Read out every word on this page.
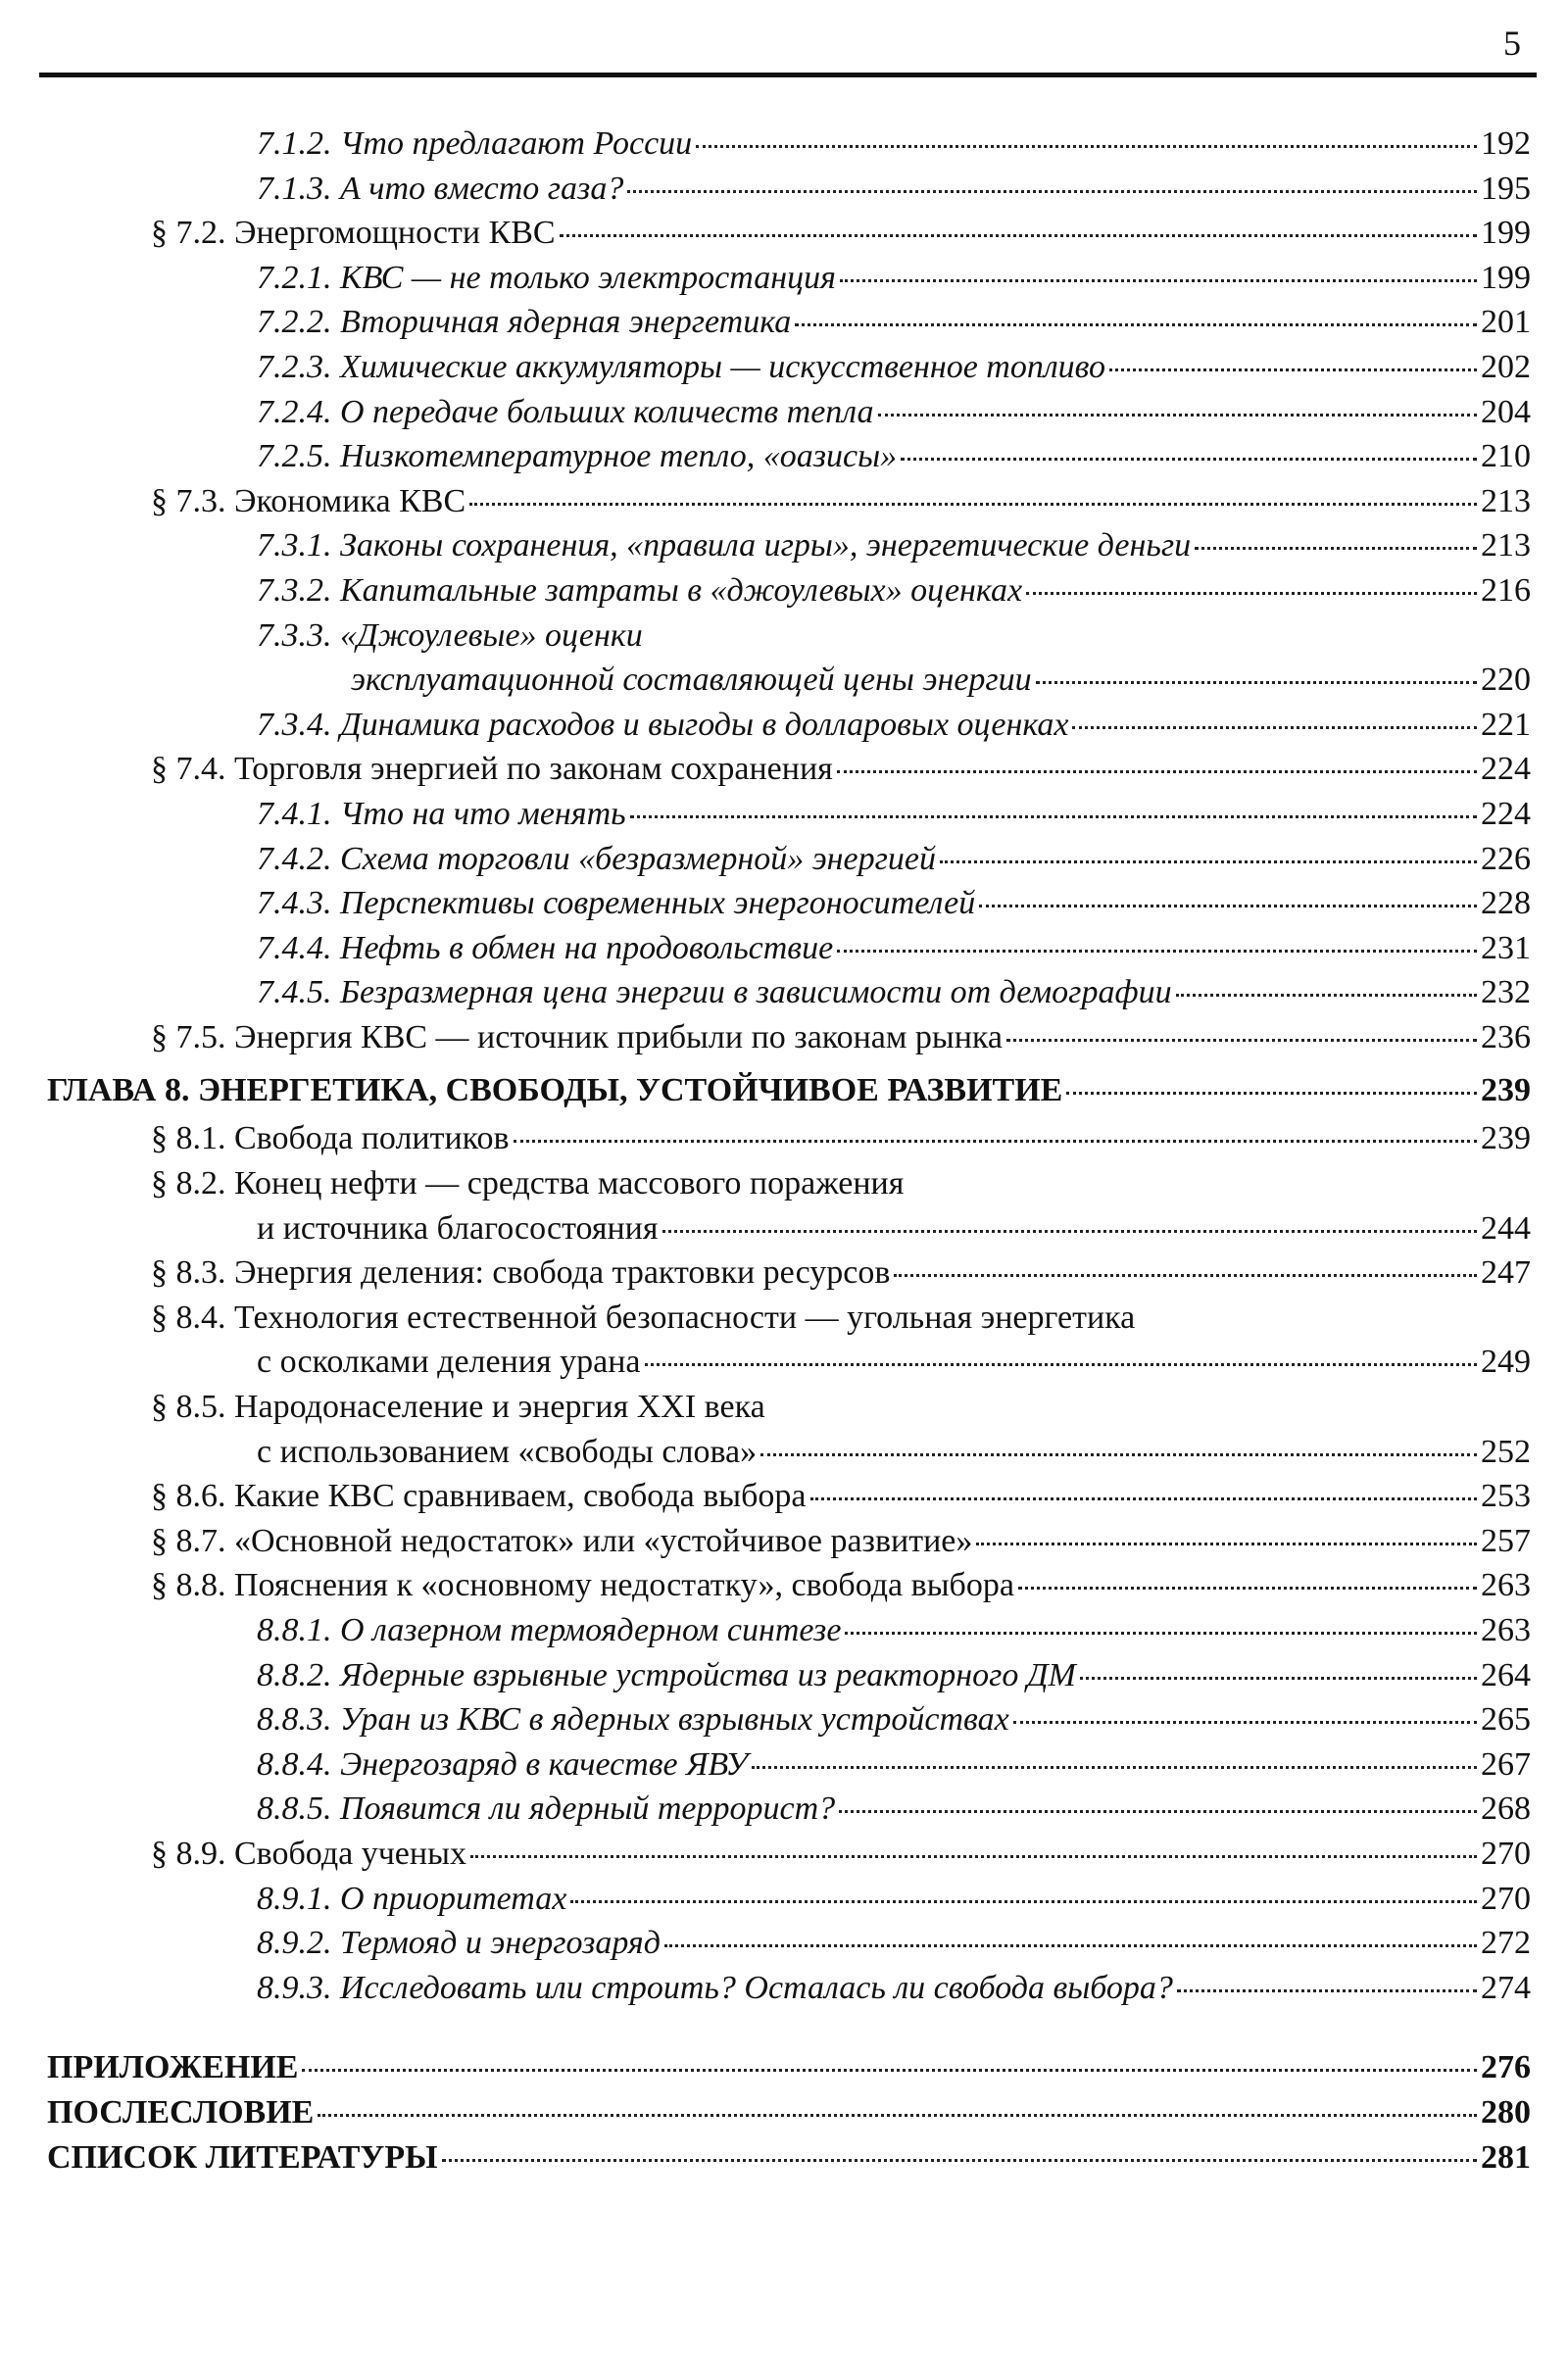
5
7.1.2. Что предлагают России	192
7.1.3. А что вместо газа?	195
§ 7.2. Энергомощности КВС	199
7.2.1. КВС — не только электростанция	199
7.2.2. Вторичная ядерная энергетика	201
7.2.3. Химические аккумуляторы — искусственное топливо	202
7.2.4. О передаче больших количеств тепла	204
7.2.5. Низкотемпературное тепло, «оазисы»	210
§ 7.3. Экономика КВС	213
7.3.1. Законы сохранения, «правила игры», энергетические деньги	213
7.3.2. Капитальные затраты в «джоулевых» оценках	216
7.3.3. «Джоулевые» оценки
эксплуатационной составляющей цены энергии	220
7.3.4. Динамика расходов и выгоды в долларовых оценках	221
§ 7.4. Торговля энергией по законам сохранения	224
7.4.1. Что на что менять	224
7.4.2. Схема торговли «безразмерной» энергией	226
7.4.3. Перспективы современных энергоносителей	228
7.4.4. Нефть в обмен на продовольствие	231
7.4.5. Безразмерная цена энергии в зависимости от демографии	232
§ 7.5. Энергия КВС — источник прибыли по законам рынка	236
ГЛАВА 8. ЭНЕРГЕТИКА, СВОБОДЫ, УСТОЙЧИВОЕ РАЗВИТИЕ	239
§ 8.1. Свобода политиков	239
§ 8.2. Конец нефти — средства массового поражения
и источника благосостояния	244
§ 8.3. Энергия деления: свобода трактовки ресурсов	247
§ 8.4. Технология естественной безопасности — угольная энергетика
с осколками деления урана	249
§ 8.5. Народонаселение и энергия XXI века
с использованием «свободы слова»	252
§ 8.6. Какие КВС сравниваем, свобода выбора	253
§ 8.7. «Основной недостаток» или «устойчивое развитие»	257
§ 8.8. Пояснения к «основному недостатку», свобода выбора	263
8.8.1. О лазерном термоядерном синтезе	263
8.8.2. Ядерные взрывные устройства из реакторного ДМ	264
8.8.3. Уран из КВС в ядерных взрывных устройствах	265
8.8.4. Энергозаряд в качестве ЯВУ	267
8.8.5. Появится ли ядерный террорист?	268
§ 8.9. Свобода ученых	270
8.9.1. О приоритетах	270
8.9.2. Термояд и энергозаряд	272
8.9.3. Исследовать или строить? Осталась ли свобода выбора?	274
ПРИЛОЖЕНИЕ	276
ПОСЛЕСЛОВИЕ	280
СПИСОК ЛИТЕРАТУРЫ	281
